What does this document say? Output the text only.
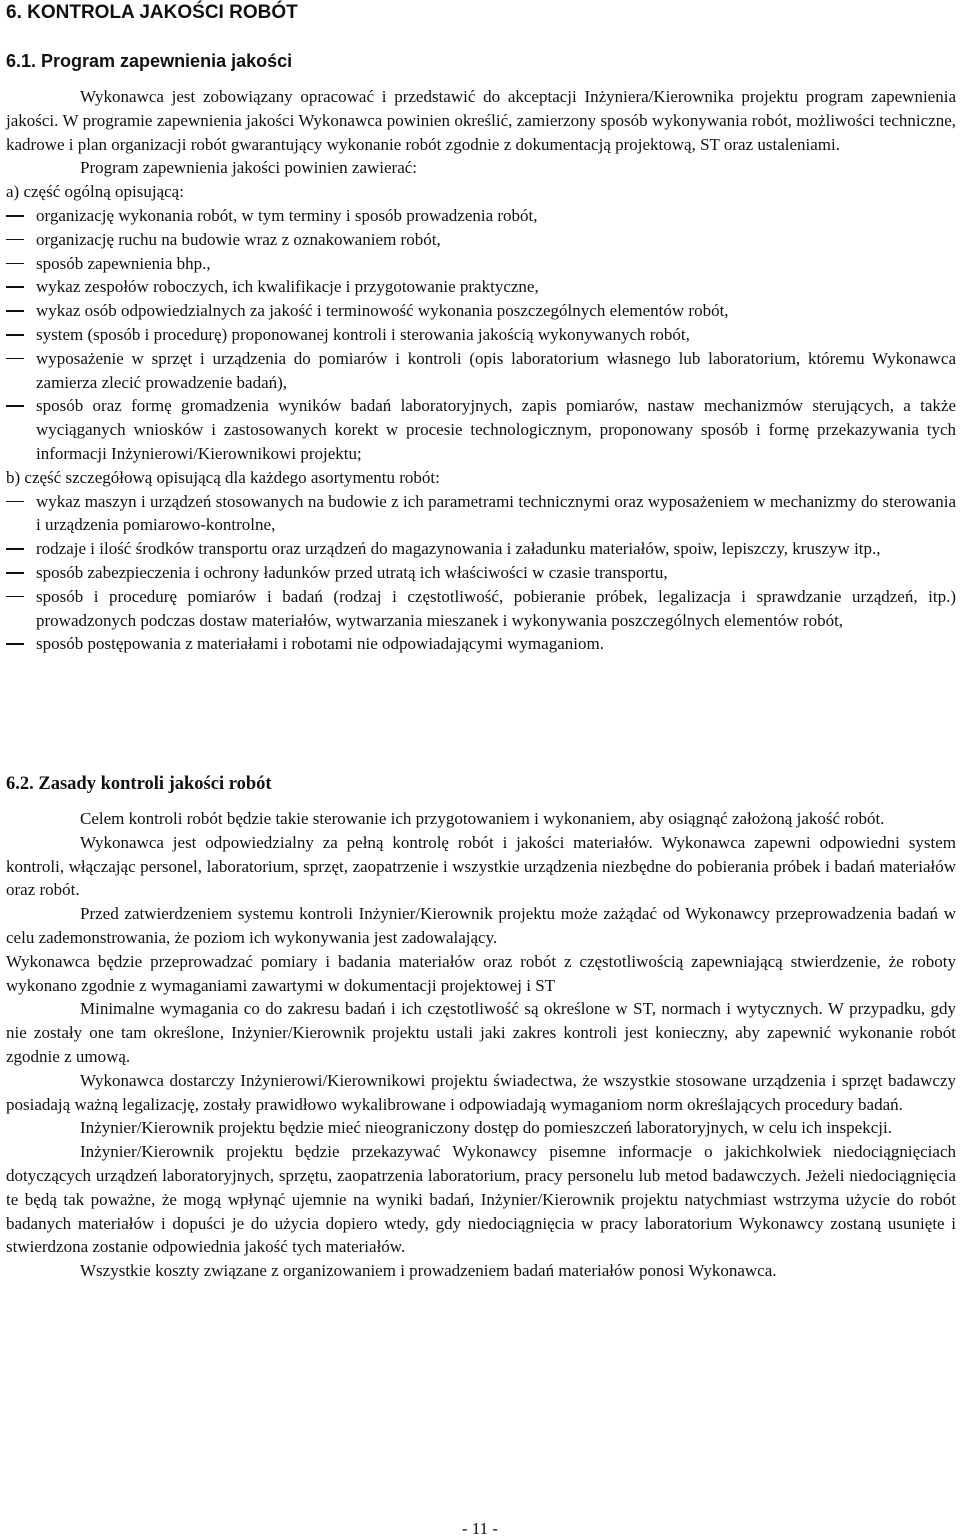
6. KONTROLA JAKOŚCI ROBÓT
6.1. Program zapewnienia jakości

Wykonawca jest zobowiązany opracować i przedstawić do akceptacji Inżyniera/Kierownika projektu program zapewnienia jakości. W programie zapewnienia jakości Wykonawca powinien określić, zamierzony sposób wykonywania robót, możliwości techniczne, kadrowe i plan organizacji robót gwarantujący wykonanie robót zgodnie z dokumentacją projektową, ST oraz ustaleniami.

Program zapewnienia jakości powinien zawierać:

a) część ogólną opisującą:

organizację wykonania robót, w tym terminy i sposób prowadzenia robót,
organizację ruchu na budowie wraz z oznakowaniem robót,
sposób zapewnienia bhp.,
wykaz zespołów roboczych, ich kwalifikacje i przygotowanie praktyczne,
wykaz osób odpowiedzialnych za jakość i terminowość wykonania poszczególnych elementów robót,
system (sposób i procedurę) proponowanej kontroli i sterowania jakością wykonywanych robót,
wyposażenie w sprzęt i urządzenia do pomiarów i kontroli (opis laboratorium własnego lub laboratorium, któremu Wykonawca zamierza zlecić prowadzenie badań),
sposób oraz formę gromadzenia wyników badań laboratoryjnych, zapis pomiarów, nastaw mechanizmów sterujących, a także wyciąganych wniosków i zastosowanych korekt w procesie technologicznym, proponowany sposób i formę przekazywania tych informacji Inżynierowi/Kierownikowi projektu;

b) część szczegółową opisującą dla każdego asortymentu robót:

wykaz maszyn i urządzeń stosowanych na budowie z ich parametrami technicznymi oraz wyposażeniem w mechanizmy do sterowania i urządzenia pomiarowo-kontrolne,
rodzaje i ilość środków transportu oraz urządzeń do magazynowania i załadunku materiałów, spoiw, lepiszczy, kruszyw itp.,
sposób zabezpieczenia i ochrony ładunków przed utratą ich właściwości w czasie transportu,
sposób i procedurę pomiarów i badań (rodzaj i częstotliwość, pobieranie próbek, legalizacja i sprawdzanie urządzeń, itp.) prowadzonych podczas dostaw materiałów, wytwarzania mieszanek i wykonywania poszczególnych elementów robót,
sposób postępowania z materiałami i robotami nie odpowiadającymi wymaganiom.
6.2. Zasady kontroli jakości robót

Celem kontroli robót będzie takie sterowanie ich przygotowaniem i wykonaniem, aby osiągnąć założoną jakość robót.

Wykonawca jest odpowiedzialny za pełną kontrolę robót i jakości materiałów. Wykonawca zapewni odpowiedni system kontroli, włączając personel, laboratorium, sprzęt, zaopatrzenie i wszystkie urządzenia niezbędne do pobierania próbek i badań materiałów oraz robót.

Przed zatwierdzeniem systemu kontroli Inżynier/Kierownik projektu może zażądać od Wykonawcy przeprowadzenia badań w celu zademonstrowania, że poziom ich wykonywania jest zadowalający.

Wykonawca będzie przeprowadzać pomiary i badania materiałów oraz robót z częstotliwością zapewniającą stwierdzenie, że roboty wykonano zgodnie z wymaganiami zawartymi w dokumentacji projektowej i ST

Minimalne wymagania co do zakresu badań i ich częstotliwość są określone w ST, normach i wytycznych. W przypadku, gdy nie zostały one tam określone, Inżynier/Kierownik projektu ustali jaki zakres kontroli jest konieczny, aby zapewnić wykonanie robót zgodnie z umową.

Wykonawca dostarczy Inżynierowi/Kierownikowi projektu świadectwa, że wszystkie stosowane urządzenia i sprzęt badawczy posiadają ważną legalizację, zostały prawidłowo wykalibrowane i odpowiadają wymaganiom norm określających procedury badań.

Inżynier/Kierownik projektu będzie mieć nieograniczony dostęp do pomieszczeń laboratoryjnych, w celu ich inspekcji.

Inżynier/Kierownik projektu będzie przekazywać Wykonawcy pisemne informacje o jakichkolwiek niedociągnięciach dotyczących urządzeń laboratoryjnych, sprzętu, zaopatrzenia laboratorium, pracy personelu lub metod badawczych. Jeżeli niedociągnięcia te będą tak poważne, że mogą wpłynąć ujemnie na wyniki badań, Inżynier/Kierownik projektu natychmiast wstrzyma użycie do robót badanych materiałów i dopuści je do użycia dopiero wtedy, gdy niedociągnięcia w pracy laboratorium Wykonawcy zostaną usunięte i stwierdzona zostanie odpowiednia jakość tych materiałów.

Wszystkie koszty związane z organizowaniem i prowadzeniem badań materiałów ponosi Wykonawca.

- 11 -
